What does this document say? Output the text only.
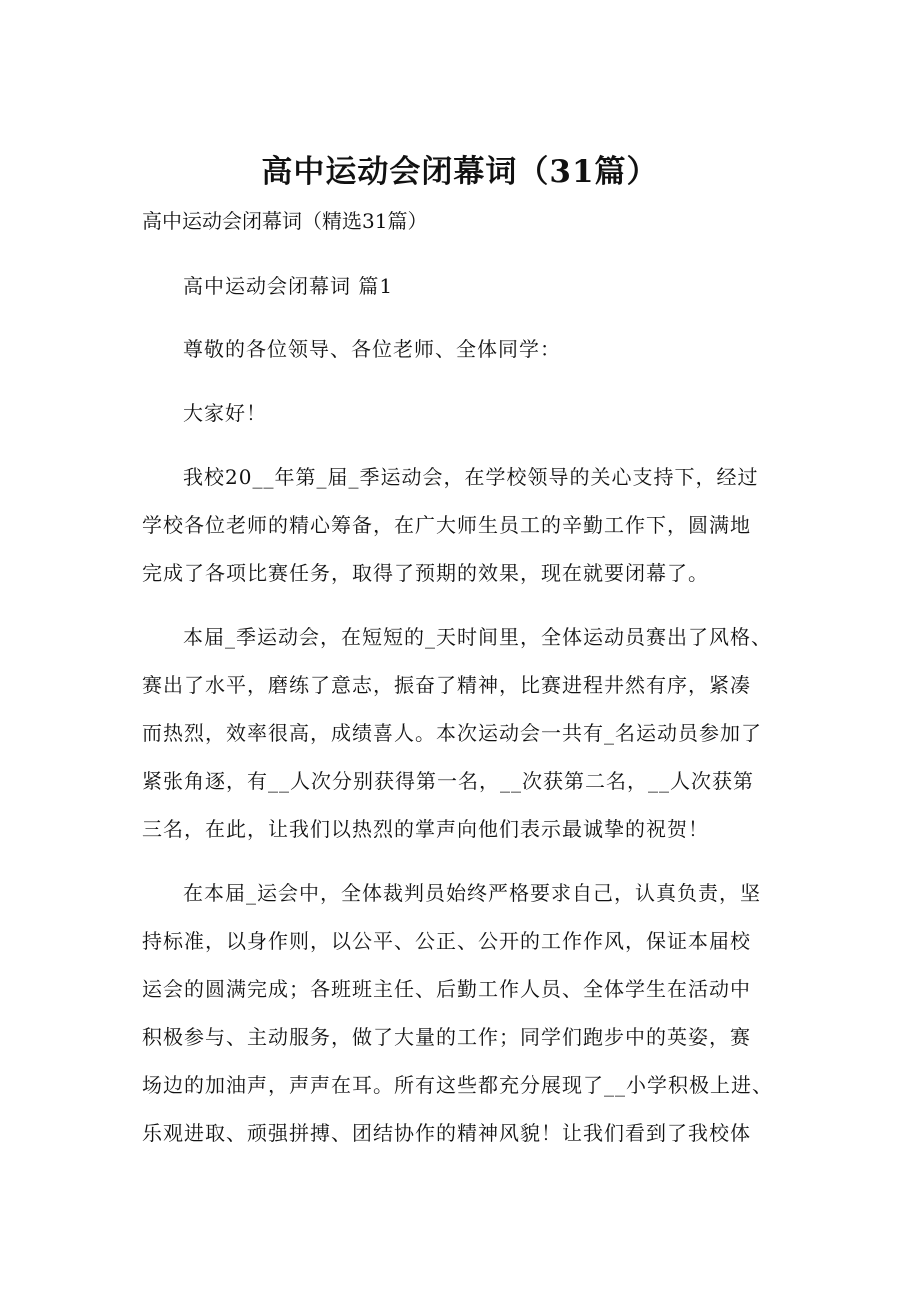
高中运动会闭幕词（31篇）

高中运动会闭幕词（精选31篇）

高中运动会闭幕词 篇1

尊敬的各位领导、各位老师、全体同学：

大家好！

我校20__年第_届_季运动会，在学校领导的关心支持下，经过

学校各位老师的精心筹备，在广大师生员工的辛勤工作下，圆满地

完成了各项比赛任务，取得了预期的效果，现在就要闭幕了。

本届_季运动会，在短短的_天时间里，全体运动员赛出了风格、

赛出了水平，磨练了意志，振奋了精神，比赛进程井然有序，紧凑

而热烈，效率很高，成绩喜人。本次运动会一共有_名运动员参加了

紧张角逐，有__人次分别获得第一名，__次获第二名，__人次获第

三名，在此，让我们以热烈的掌声向他们表示最诚挚的祝贺！

在本届_运会中，全体裁判员始终严格要求自己，认真负责，坚

持标准，以身作则，以公平、公正、公开的工作作风，保证本届校

运会的圆满完成；各班班主任、后勤工作人员、全体学生在活动中

积极参与、主动服务，做了大量的工作；同学们跑步中的英姿，赛

场边的加油声，声声在耳。所有这些都充分展现了__小学积极上进、

乐观进取、顽强拼搏、团结协作的精神风貌！让我们看到了我校体
